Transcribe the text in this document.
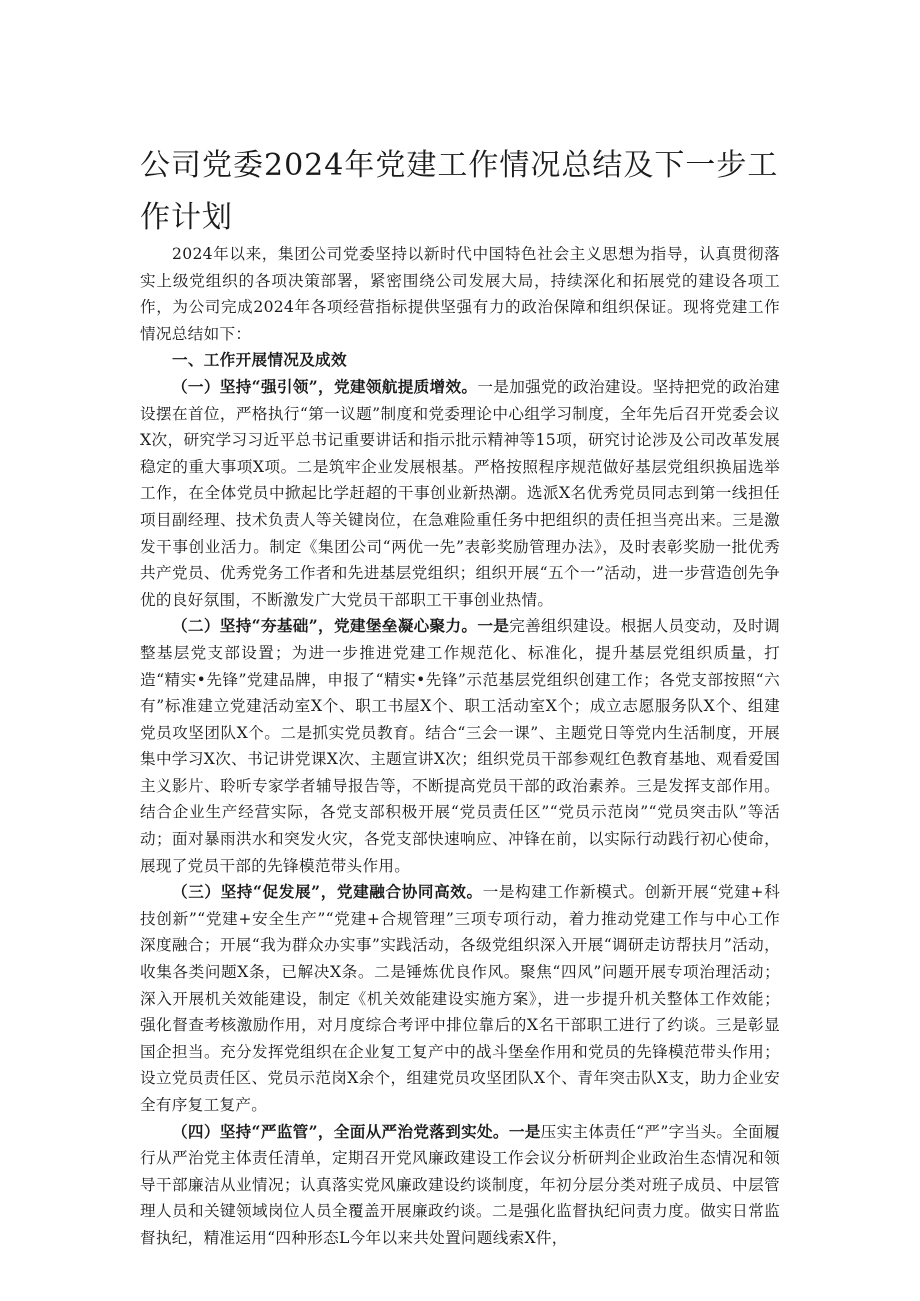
公司党委2024年党建工作情况总结及下一步工作计划

2024年以来，集团公司党委坚持以新时代中国特色社会主义思想为指导，认真贯彻落实上级党组织的各项决策部署，紧密围绕公司发展大局，持续深化和拓展党的建设各项工作，为公司完成2024年各项经营指标提供坚强有力的政治保障和组织保证。现将党建工作情况总结如下：

一、工作开展情况及成效

（一）坚持“强引领”，党建领航提质增效。一是加强党的政治建设。坚持把党的政治建设摆在首位，严格执行“第一议题”制度和党委理论中心组学习制度，全年先后召开党委会议X次，研究学习习近平总书记重要讲话和指示批示精神等15项，研究讨论涉及公司改革发展稳定的重大事项X项。二是筑牢企业发展根基。严格按照程序规范做好基层党组织换届选举工作，在全体党员中掀起比学赶超的干事创业新热潮。选派X名优秀党员同志到第一线担任项目副经理、技术负责人等关键岗位，在急难险重任务中把组织的责任担当亮出来。三是激发干事创业活力。制定《集团公司“两优一先”表彰奖励管理办法》，及时表彰奖励一批优秀共产党员、优秀党务工作者和先进基层党组织；组织开展“五个一”活动，进一步营造创先争优的良好氛围，不断激发广大党员干部职工干事创业热情。

（二）坚持“夯基础”，党建堡垒凝心聚力。一是完善组织建设。根据人员变动，及时调整基层党支部设置；为进一步推进党建工作规范化、标准化，提升基层党组织质量，打造“精实•先锋”党建品牌，申报了“精实•先锋”示范基层党组织创建工作；各党支部按照“六有”标准建立党建活动室X个、职工书屋X个、职工活动室X个；成立志愿服务队X个、组建党员攻坚团队X个。二是抓实党员教育。结合“三会一课”、主题党日等党内生活制度，开展集中学习X次、书记讲党课X次、主题宣讲X次；组织党员干部参观红色教育基地、观看爱国主义影片、聆听专家学者辅导报告等，不断提高党员干部的政治素养。三是发挥支部作用。结合企业生产经营实际，各党支部积极开展“党员责任区”“党员示范岗”“党员突击队”等活动；面对暴雨洪水和突发火灾，各党支部快速响应、冲锋在前，以实际行动践行初心使命，展现了党员干部的先锋模范带头作用。

（三）坚持“促发展”，党建融合协同高效。一是构建工作新模式。创新开展“党建+科技创新”“党建+安全生产”“党建+合规管理”三项专项行动，着力推动党建工作与中心工作深度融合；开展“我为群众办实事”实践活动，各级党组织深入开展“调研走访帮扶月”活动，收集各类问题X条，已解决X条。二是锤炼优良作风。聚焦“四风”问题开展专项治理活动；深入开展机关效能建设，制定《机关效能建设实施方案》，进一步提升机关整体工作效能；强化督查考核激励作用，对月度综合考评中排位靠后的X名干部职工进行了约谈。三是彰显国企担当。充分发挥党组织在企业复工复产中的战斗堡垒作用和党员的先锋模范带头作用；设立党员责任区、党员示范岗X余个，组建党员攻坚团队X个、青年突击队X支，助力企业安全有序复工复产。

（四）坚持“严监管”，全面从严治党落到实处。一是压实主体责任“严”字当头。全面履行从严治党主体责任清单，定期召开党风廉政建设工作会议分析研判企业政治生态情况和领导干部廉洁从业情况；认真落实党风廉政建设约谈制度，年初分层分类对班子成员、中层管理人员和关键领域岗位人员全覆盖开展廉政约谈。二是强化监督执纪问责力度。做实日常监督执纪，精准运用“四种形态L今年以来共处置问题线索X件，
